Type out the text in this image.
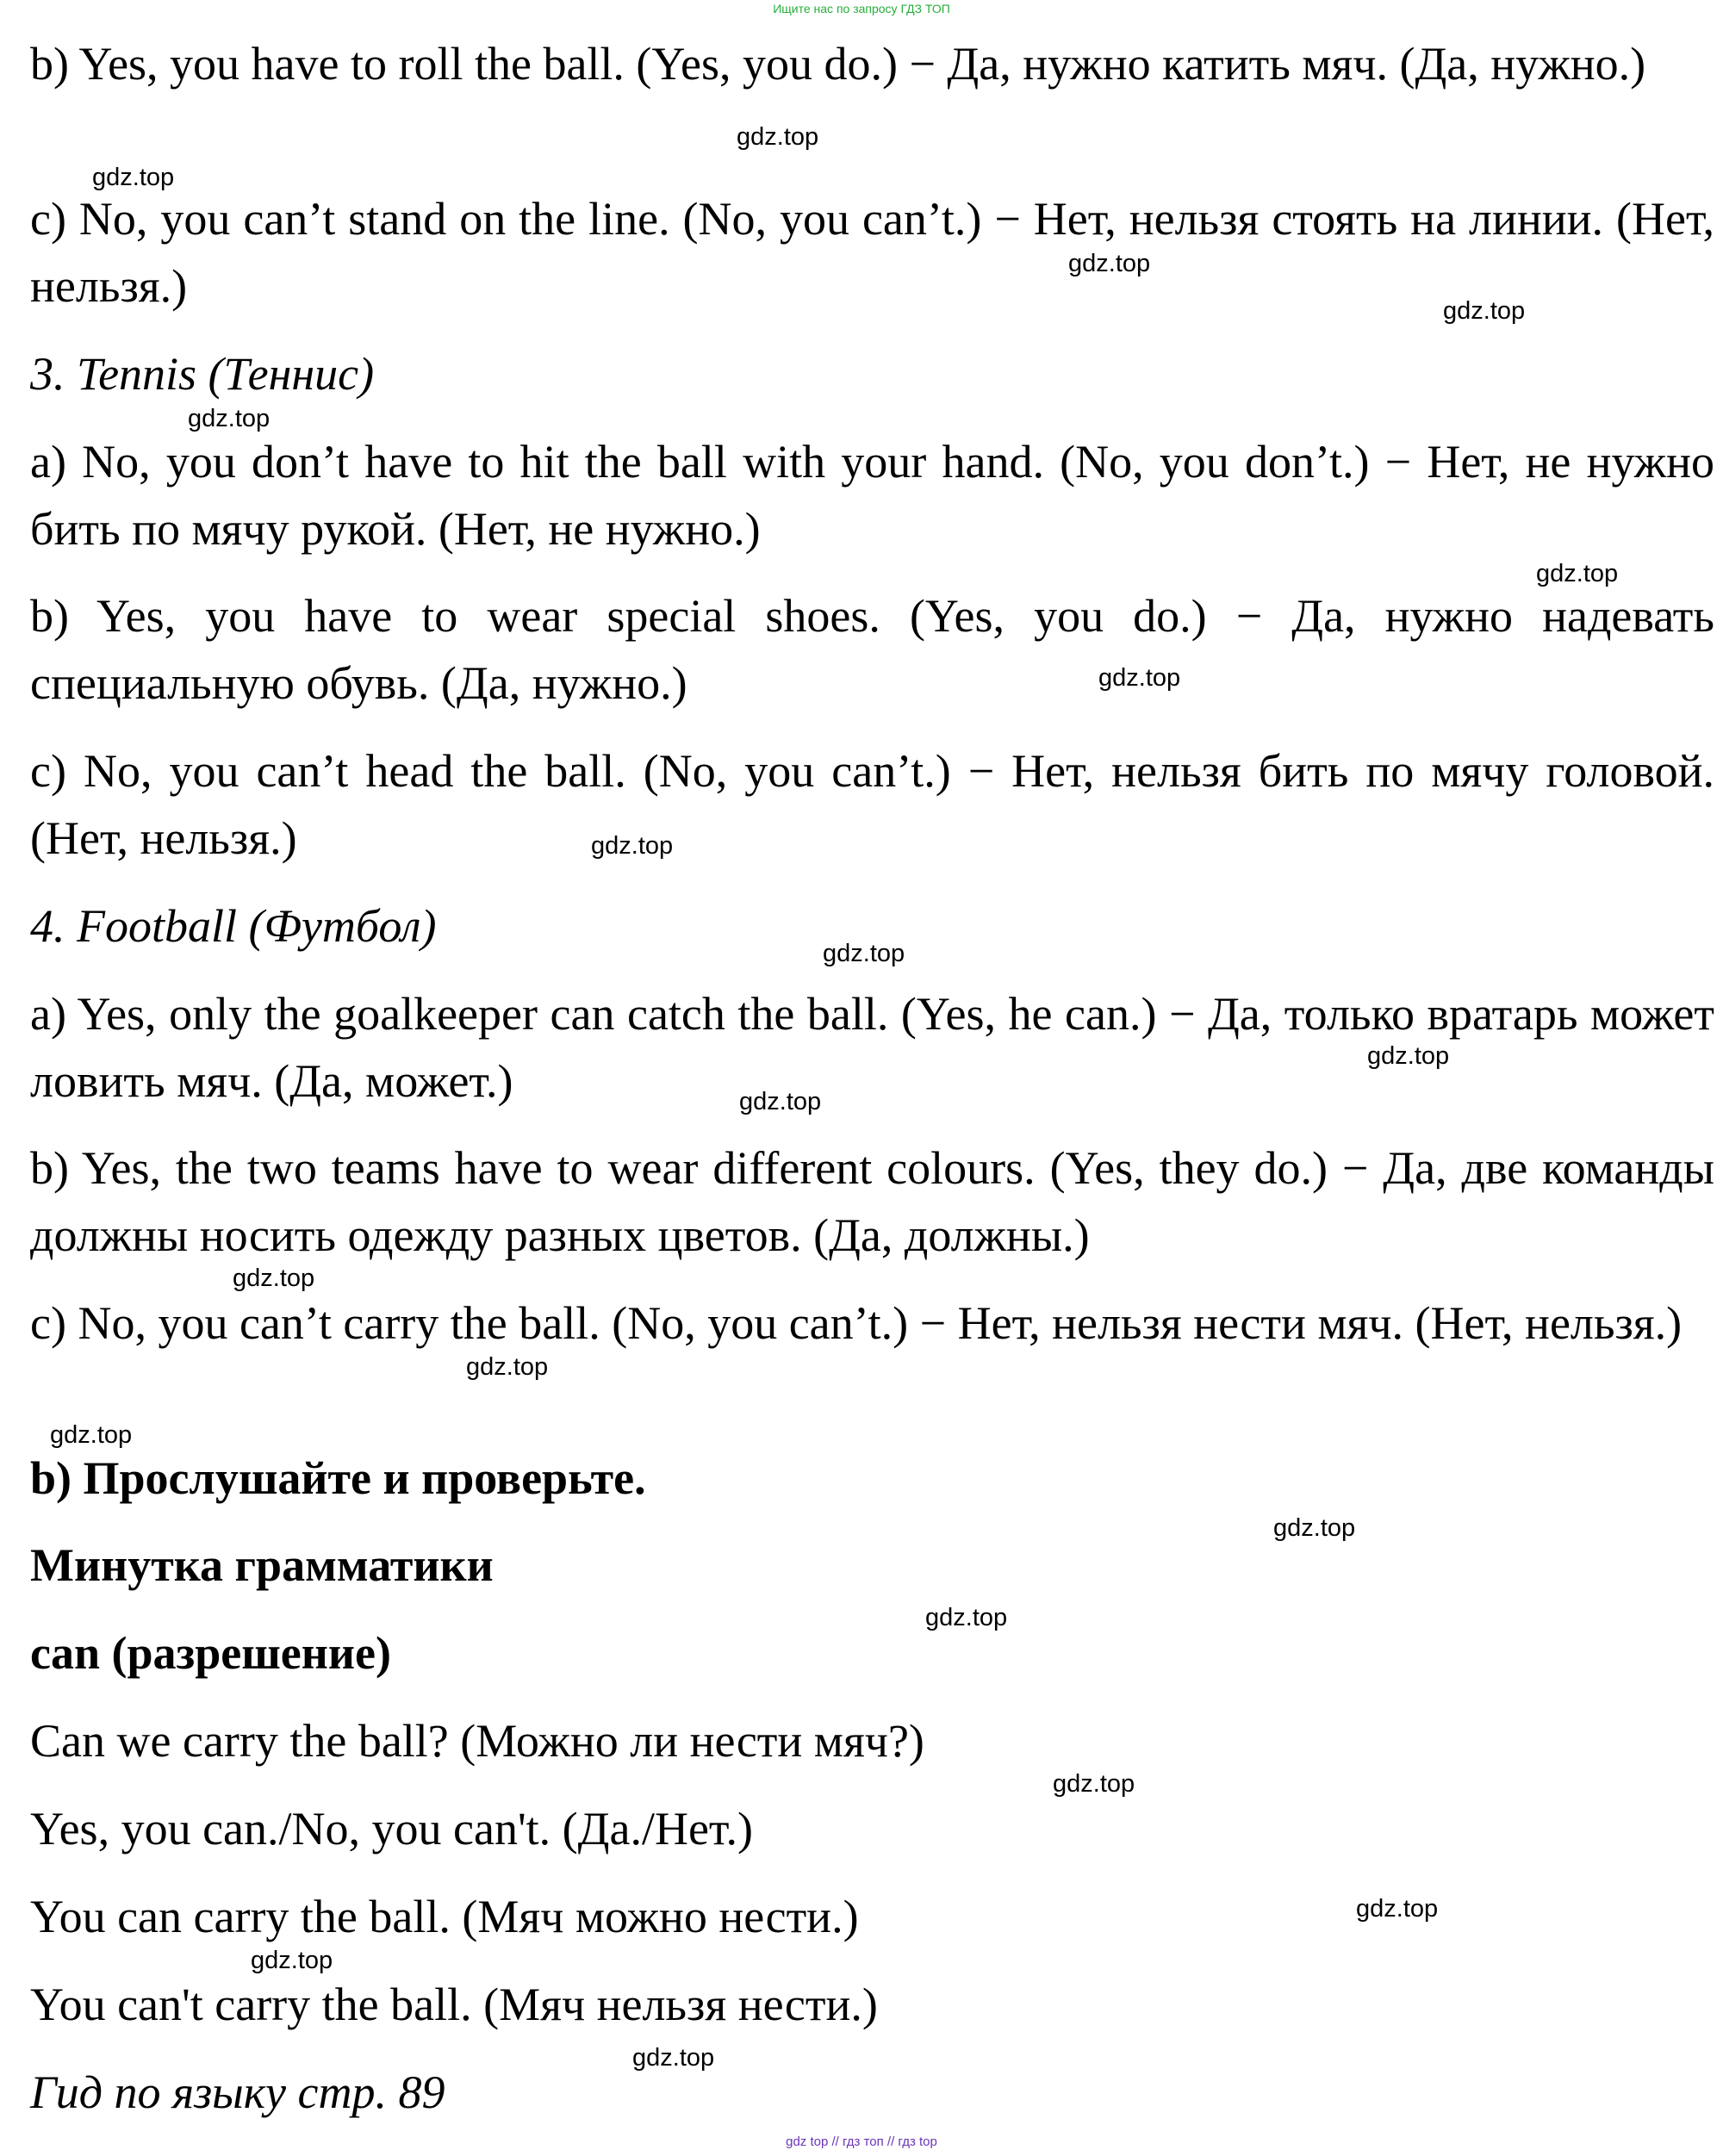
Ищите нас по запросу ГДЗ ТОП
b) Yes, you have to roll the ball. (Yes, you do.) − Да, нужно катить мяч. (Да, нужно.)
c) No, you can’t stand on the line. (No, you can’t.) − Нет, нельзя стоять на линии. (Нет, нельзя.)
3. Tennis (Теннис)
a) No, you don’t have to hit the ball with your hand. (No, you don’t.) − Нет, не нужно бить по мячу рукой. (Нет, не нужно.)
b) Yes, you have to wear special shoes. (Yes, you do.) − Да, нужно надевать специальную обувь. (Да, нужно.)
c) No, you can’t head the ball. (No, you can’t.) − Нет, нельзя бить по мячу головой. (Нет, нельзя.)
4. Football (Футбол)
a) Yes, only the goalkeeper can catch the ball. (Yes, he can.) − Да, только вратарь может ловить мяч. (Да, может.)
b) Yes, the two teams have to wear different colours. (Yes, they do.) − Да, две команды должны носить одежду разных цветов. (Да, должны.)
c) No, you can’t carry the ball. (No, you can’t.) − Нет, нельзя нести мяч. (Нет, нельзя.)
b) Прослушайте и проверьте.
Минутка грамматики
can (разрешение)
Can we carry the ball? (Можно ли нести мяч?)
Yes, you can./No, you can't. (Да./Нет.)
You can carry the ball. (Мяч можно нести.)
You can't carry the ball. (Мяч нельзя нести.)
Гид по языку стр. 89
gdz.top
gdz.top
gdz.top
gdz.top
gdz.top
gdz.top
gdz.top
gdz.top
gdz.top
gdz.top
gdz.top
gdz.top
gdz.top
gdz.top
gdz.top
gdz.top
gdz.top
gdz.top
gdz.top
gdz.top
gdz top // гдз топ // гдз top
